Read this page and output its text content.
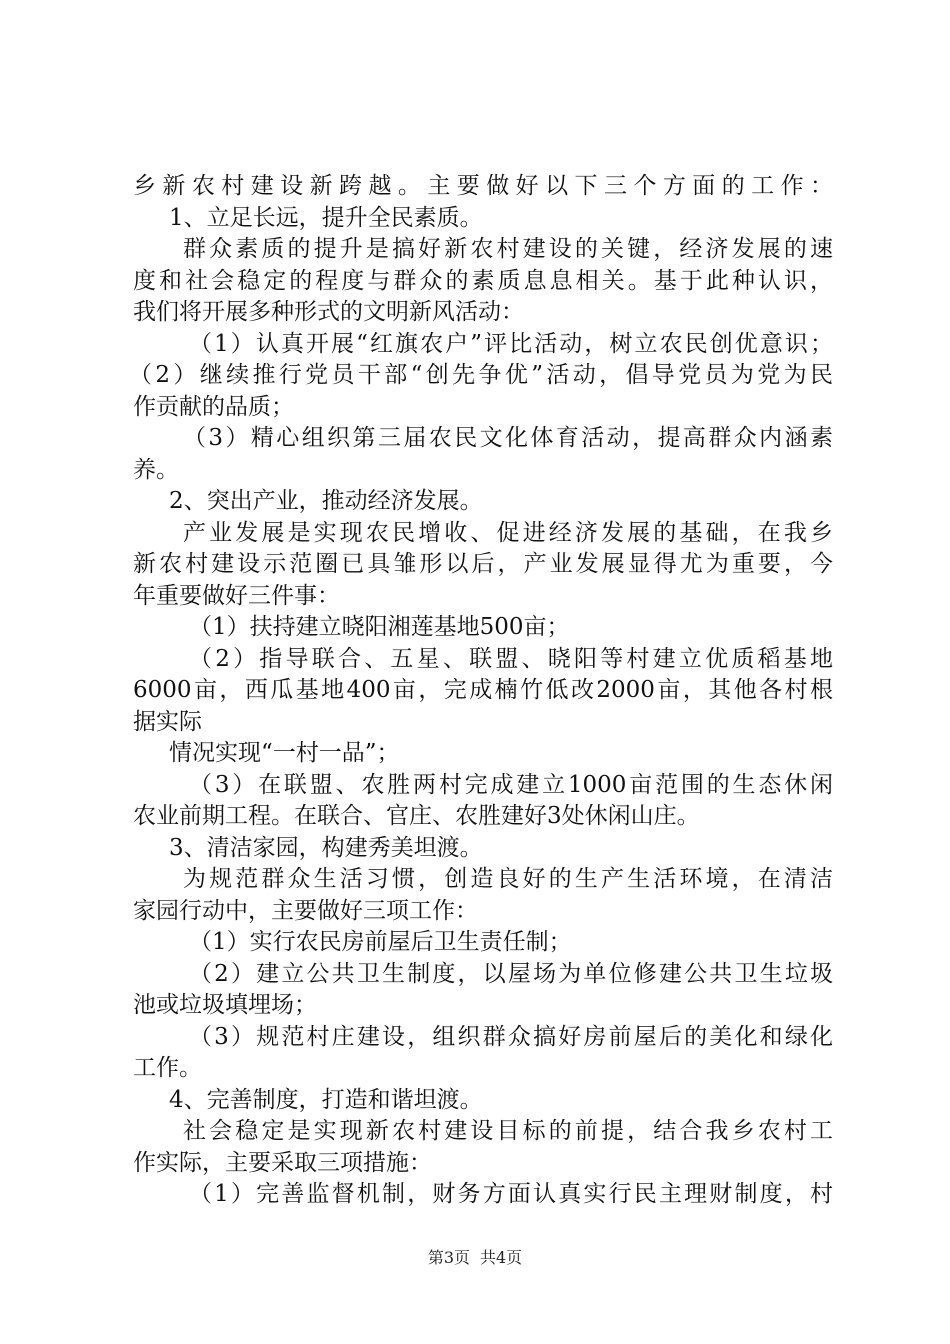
乡新农村建设新跨越。主要做好以下三个方面的工作：
1、立足长远，提升全民素质。
群众素质的提升是搞好新农村建设的关键，经济发展的速
度和社会稳定的程度与群众的素质息息相关。基于此种认识，
我们将开展多种形式的文明新风活动：
（1）认真开展“红旗农户”评比活动，树立农民创优意识；
（2）继续推行党员干部“创先争优”活动，倡导党员为党为民
作贡献的品质；
（3）精心组织第三届农民文化体育活动，提高群众内涵素
养。
2、突出产业，推动经济发展。
产业发展是实现农民增收、促进经济发展的基础，在我乡
新农村建设示范圈已具雏形以后，产业发展显得尤为重要，今
年重要做好三件事：
（1）扶持建立晓阳湘莲基地500亩；
（2）指导联合、五星、联盟、晓阳等村建立优质稻基地
6000亩，西瓜基地400亩，完成楠竹低改2000亩，其他各村根
据实际
情况实现“一村一品”；
（3）在联盟、农胜两村完成建立1000亩范围的生态休闲
农业前期工程。在联合、官庄、农胜建好3处休闲山庄。
3、清洁家园，构建秀美坦渡。
为规范群众生活习惯，创造良好的生产生活环境，在清洁
家园行动中，主要做好三项工作：
（1）实行农民房前屋后卫生责任制；
（2）建立公共卫生制度，以屋场为单位修建公共卫生垃圾
池或垃圾填埋场；
（3）规范村庄建设，组织群众搞好房前屋后的美化和绿化
工作。
4、完善制度，打造和谐坦渡。
社会稳定是实现新农村建设目标的前提，结合我乡农村工
作实际，主要采取三项措施：
（1）完善监督机制，财务方面认真实行民主理财制度，村
第3页 共4页
